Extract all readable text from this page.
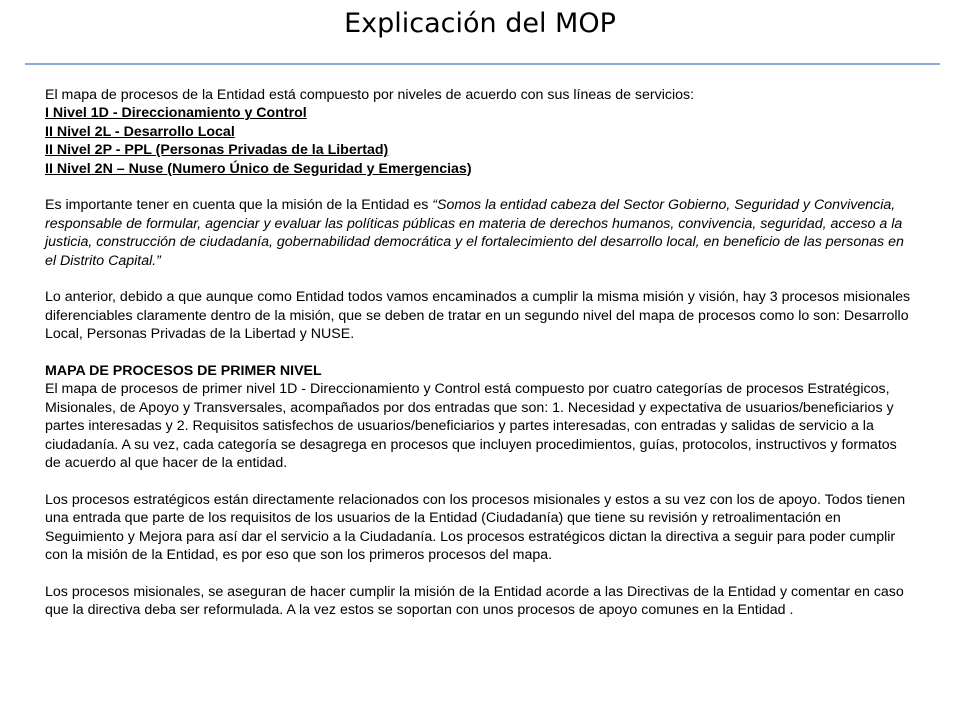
Explicación del MOP

El mapa de procesos de la Entidad está compuesto por niveles de acuerdo con sus líneas de servicios:

I Nivel 1D - Direccionamiento y Control

II Nivel 2L - Desarrollo Local

II Nivel 2P - PPL (Personas Privadas de la Libertad)

II Nivel 2N – Nuse (Numero Único de Seguridad y Emergencias)

Es importante tener en cuenta que la misión de la Entidad es “Somos la entidad cabeza del Sector Gobierno, Seguridad y Convivencia, responsable de formular, agenciar y evaluar las políticas públicas en materia de derechos humanos, convivencia, seguridad, acceso a la justicia, construcción de ciudadanía, gobernabilidad democrática y el fortalecimiento del desarrollo local, en beneficio de las personas en el Distrito Capital.”

Lo anterior, debido a que aunque como Entidad todos vamos encaminados a cumplir la misma misión y visión, hay 3 procesos misionales diferenciables claramente dentro de la misión, que se deben de tratar en un segundo nivel del mapa de procesos como lo son: Desarrollo Local, Personas Privadas de la Libertad y NUSE.

MAPA DE PROCESOS DE PRIMER NIVEL

El mapa de procesos de primer nivel 1D - Direccionamiento y Control está compuesto por cuatro categorías de procesos Estratégicos, Misionales, de Apoyo y Transversales, acompañados por dos entradas que son: 1. Necesidad y expectativa de usuarios/beneficiarios y partes interesadas y 2. Requisitos satisfechos de usuarios/beneficiarios y partes interesadas, con entradas y salidas de servicio a la ciudadanía. A su vez, cada categoría se desagrega en procesos que incluyen procedimientos, guías, protocolos, instructivos y formatos de acuerdo al que hacer de la entidad.

Los procesos estratégicos están directamente relacionados con los procesos misionales y estos a su vez con los de apoyo. Todos tienen una entrada que parte de los requisitos de los usuarios de la Entidad (Ciudadanía) que tiene su revisión y retroalimentación en Seguimiento y Mejora para así dar el servicio a la Ciudadanía. Los procesos estratégicos dictan la directiva a seguir para poder cumplir con la misión de la Entidad, es por eso que son los primeros procesos del mapa.

Los procesos misionales, se aseguran de hacer cumplir la misión de la Entidad acorde a las Directivas de la Entidad y comentar en caso que la directiva deba ser reformulada. A la vez estos se soportan con unos procesos de apoyo comunes en la Entidad .
